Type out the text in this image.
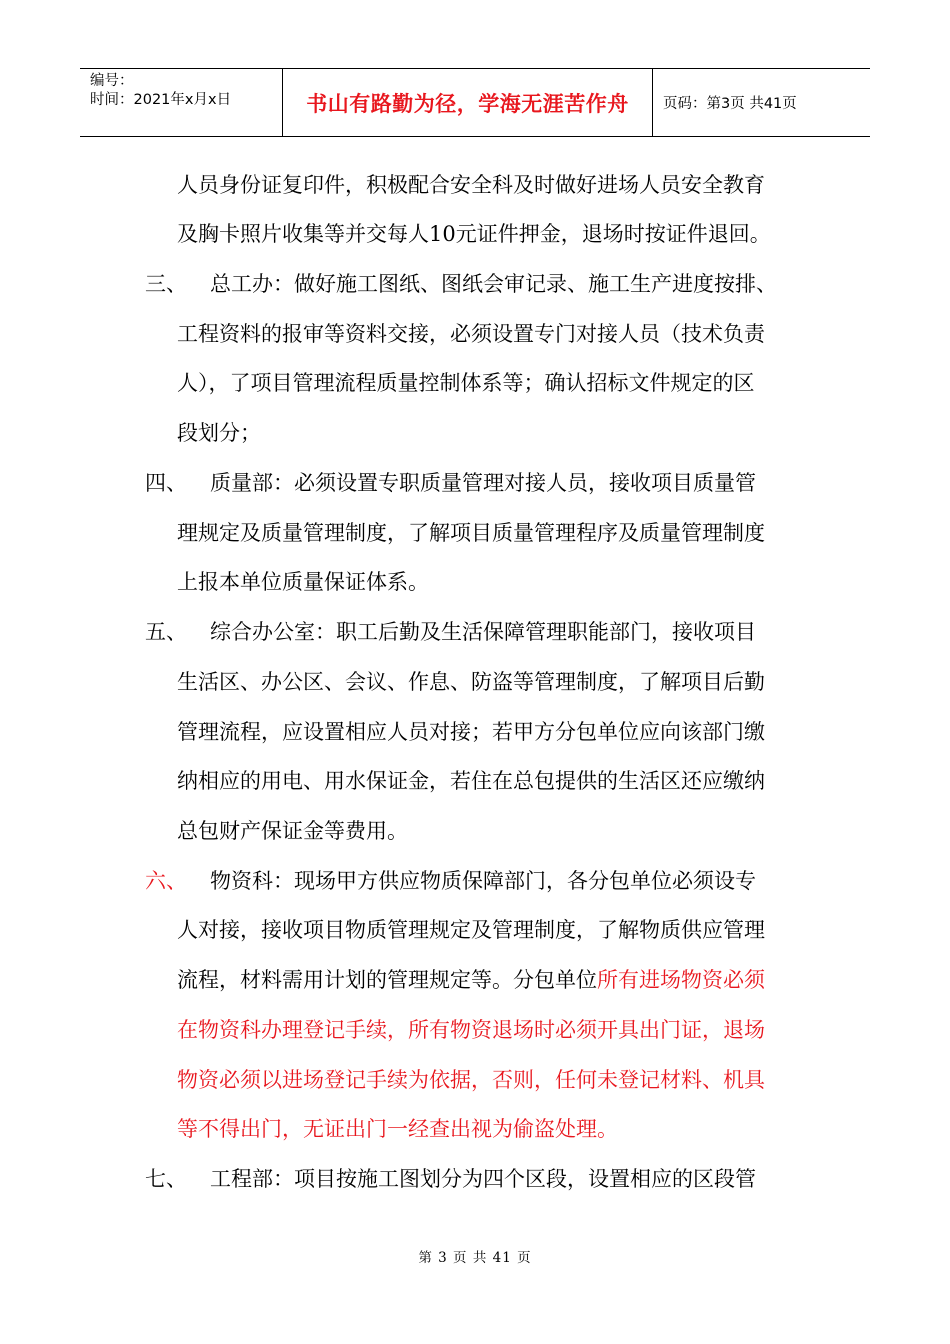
编号：
时间：2021年x月x日	书山有路勤为径，学海无涯苦作舟	页码：第3页 共41页
人员身份证复印件，积极配合安全科及时做好进场人员安全教育
及胸卡照片收集等并交每人10元证件押金，退场时按证件退回。
三、	总工办：做好施工图纸、图纸会审记录、施工生产进度按排、
工程资料的报审等资料交接，必须设置专门对接人员（技术负责
人），了项目管理流程质量控制体系等；确认招标文件规定的区
段划分；
四、	质量部：必须设置专职质量管理对接人员，接收项目质量管
理规定及质量管理制度，了解项目质量管理程序及质量管理制度
上报本单位质量保证体系。
五、	综合办公室：职工后勤及生活保障管理职能部门，接收项目
生活区、办公区、会议、作息、防盗等管理制度，了解项目后勤
管理流程，应设置相应人员对接；若甲方分包单位应向该部门缴
纳相应的用电、用水保证金，若住在总包提供的生活区还应缴纳
总包财产保证金等费用。
六、	物资科：现场甲方供应物质保障部门，各分包单位必须设专
人对接，接收项目物质管理规定及管理制度，了解物质供应管理
流程，材料需用计划的管理规定等。分包单位所有进场物资必须
在物资科办理登记手续，所有物资退场时必须开具出门证，退场
物资必须以进场登记手续为依据，否则，任何未登记材料、机具
等不得出门，无证出门一经查出视为偷盗处理。
七、	工程部：项目按施工图划分为四个区段，设置相应的区段管
第 3 页 共 41 页
